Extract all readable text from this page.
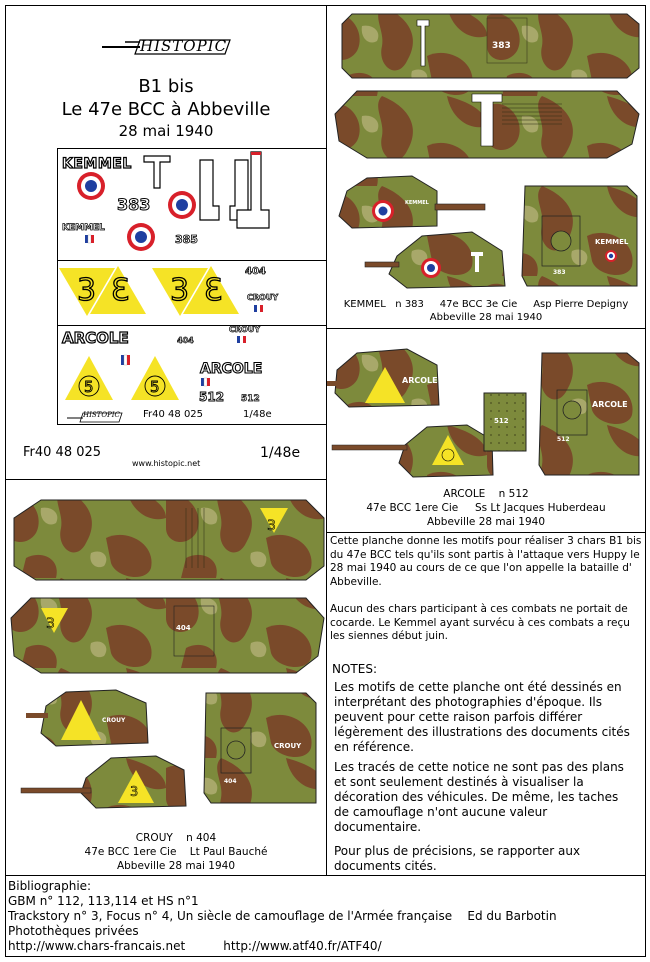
HISTOPIC
B1 bis
Le 47e BCC à Abbeville
28 mai 1940
KEMMEL
383
KEMMEL
385
3 3 3 3
404
CROUY
ARCOLE	404
CROUY
5	5
ARCOLE
512 512
HISTOPIC Fr40 48 025	1/48e
Fr40 48 025
www.histopic.net
1/48e
383
KEMMEL
KEMMEL
383
KEMMEL   n 383     47e BCC 3e Cie     Asp Pierre Depigny
Abbeville 28 mai 1940
ARCOLE
512
ARCOLE
512
ARCOLE    n 512
47e BCC 1ere Cie     Ss Lt Jacques Huberdeau
Abbeville 28 mai 1940
3
3	404
CROUY
3
CROUY
404
CROUY    n 404
47e BCC 1ere Cie    Lt Paul Bauché
Abbeville 28 mai 1940
Cette planche donne les motifs pour réaliser 3 chars B1 bis du 47e BCC tels qu'ils sont partis à l'attaque vers Huppy le 28 mai 1940 au cours de ce que l'on appelle la bataille d' Abbeville.
Aucun des chars participant à ces combats ne portait de cocarde. Le Kemmel ayant survécu à ces combats a reçu les siennes début juin.
NOTES:
Les motifs de cette planche ont été dessinés en interprétant des photographies d'époque. Ils peuvent pour cette raison parfois différer légèrement des illustrations des documents cités en référence.
Les tracés de cette notice ne sont pas des plans et sont seulement destinés à visualiser la décoration des véhicules. De même, les taches de camouflage n'ont aucune valeur documentaire.
Pour plus de précisions, se rapporter aux documents cités.
Bibliographie:
GBM n° 112, 113,114 et HS n°1
Trackstory n° 3, Focus n° 4, Un siècle de camouflage de l'Armée française    Ed du Barbotin
Photothèques privées
http://www.chars-francais.net          http://www.atf40.fr/ATF40/
